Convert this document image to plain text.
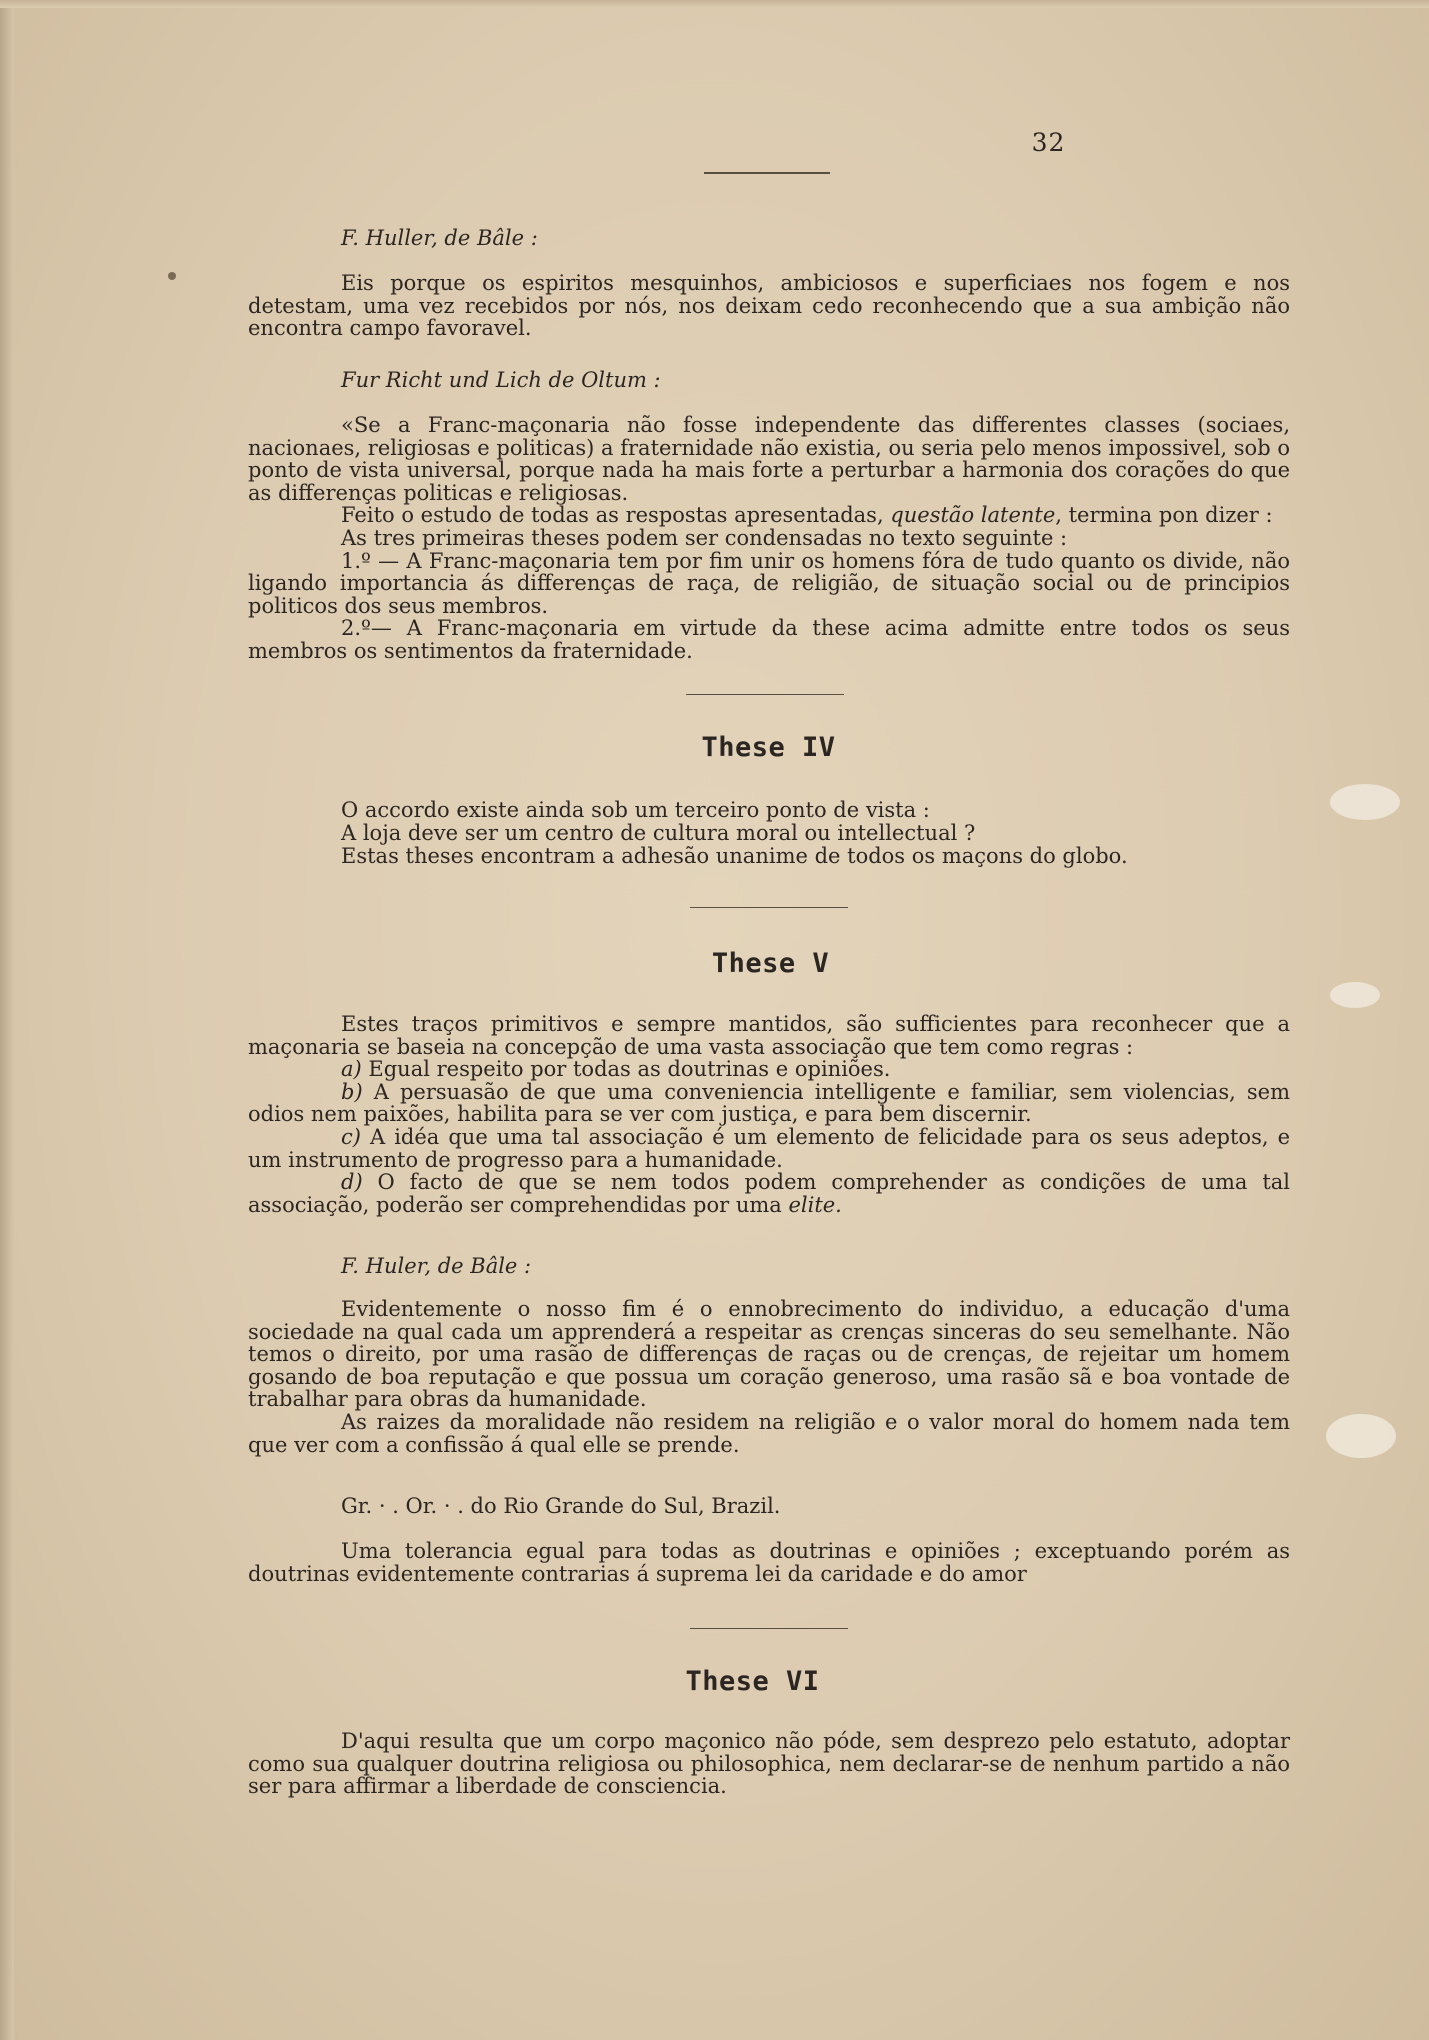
32
F. Huller, de Bâle :

Eis porque os espiritos mesquinhos, ambiciosos e superficiaes nos fogem e nos detestam, uma vez recebidos por nós, nos deixam cedo reconhecendo que a sua ambição não encontra campo favoravel.

Fur Richt und Lich de Oltum :

«Se a Franc-maçonaria não fosse independente das differentes classes (sociaes, nacionaes, religiosas e politicas) a fraternidade não existia, ou seria pelo menos impossivel, sob o ponto de vista universal, porque nada ha mais forte a perturbar a harmonia dos corações do que as differenças politicas e religiosas.

Feito o estudo de todas as respostas apresentadas, questão latente, termina pon dizer :

As tres primeiras theses podem ser condensadas no texto seguinte :

1.º — A Franc-maçonaria tem por fim unir os homens fóra de tudo quanto os divide, não ligando importancia ás differenças de raça, de religião, de situação social ou de principios politicos dos seus membros.

2.º— A Franc-maçonaria em virtude da these acima admitte entre todos os seus membros os sentimentos da fraternidade.

These IV
O accordo existe ainda sob um terceiro ponto de vista :
A loja deve ser um centro de cultura moral ou intellectual ?
Estas theses encontram a adhesão unanime de todos os maçons do globo.
These V

Estes traços primitivos e sempre mantidos, são sufficientes para reconhecer que a maçonaria se baseia na concepção de uma vasta associação que tem como regras :

a) Egual respeito por todas as doutrinas e opiniões.

b) A persuasão de que uma conveniencia intelligente e familiar, sem violencias, sem odios nem paixões, habilita para se ver com justiça, e para bem discernir.

c) A idéa que uma tal associação é um elemento de felicidade para os seus adeptos, e um instrumento de progresso para a humanidade.

d) O facto de que se nem todos podem comprehender as condições de uma tal associação, poderão ser comprehendidas por uma elite.

F. Huler, de Bâle :

Evidentemente o nosso fim é o ennobrecimento do individuo, a educação d'uma sociedade na qual cada um apprenderá a respeitar as crenças sinceras do seu semelhante. Não temos o direito, por uma rasão de differenças de raças ou de crenças, de rejeitar um homem gosando de boa reputação e que possua um coração generoso, uma rasão sã e boa vontade de trabalhar para obras da humanidade.

As raizes da moralidade não residem na religião e o valor moral do homem nada tem que ver com a confissão á qual elle se prende.

Gr. · . Or. · . do Rio Grande do Sul, Brazil.

Uma tolerancia egual para todas as doutrinas e opiniões ; exceptuando porém as doutrinas evidentemente contrarias á suprema lei da caridade e do amor

These VI

D'aqui resulta que um corpo maçonico não póde, sem desprezo pelo estatuto, adoptar como sua qualquer doutrina religiosa ou philosophica, nem declarar-se de nenhum partido a não ser para affirmar a liberdade de consciencia.
